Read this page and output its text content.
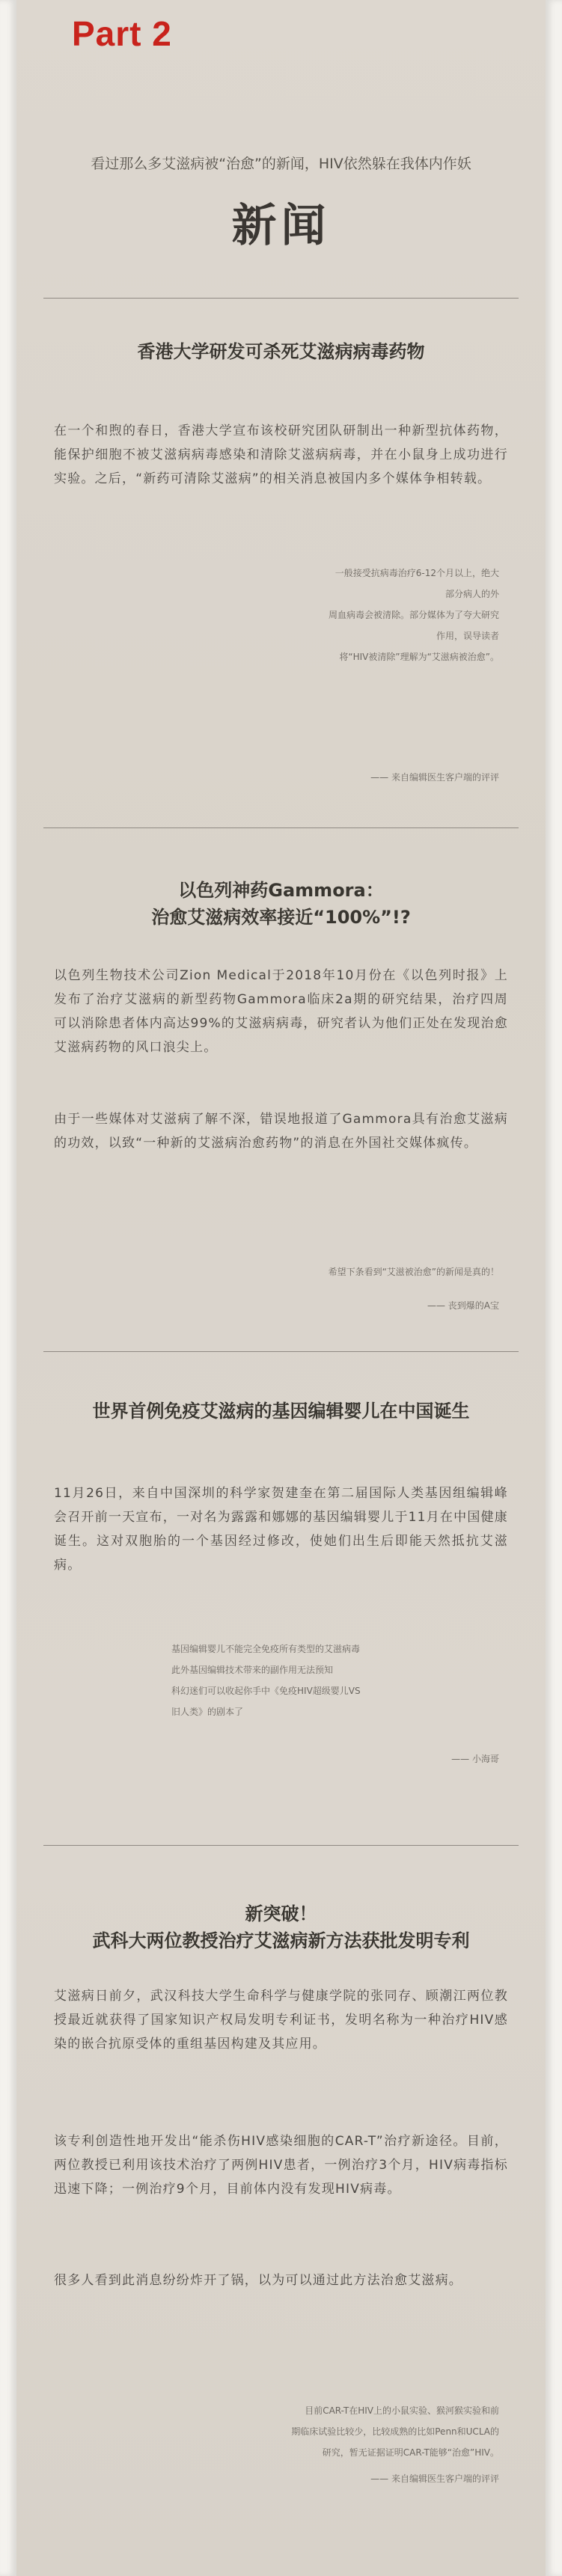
Part 2
看过那么多艾滋病被“治愈”的新闻，HIV依然躲在我体内作妖
新闻
香港大学研发可杀死艾滋病病毒药物
在一个和煦的春日，香港大学宣布该校研究团队研制出一种新型抗体药物，能保护细胞不被艾滋病病毒感染和清除艾滋病病毒，并在小鼠身上成功进行实验。之后，“新药可清除艾滋病”的相关消息被国内多个媒体争相转载。
一般接受抗病毒治疗6-12个月以上，绝大
部分病人的外
周血病毒会被清除。部分媒体为了夸大研究
作用，误导读者
将“HIV被清除”理解为“艾滋病被治愈”。
—— 来自编辑医生客户端的评评
以色列神药Gammora：
治愈艾滋病效率接近“100%”!?
以色列生物技术公司Zion Medical于2018年10月份在《以色列时报》上发布了治疗艾滋病的新型药物Gammora临床2a期的研究结果，治疗四周可以消除患者体内高达99%的艾滋病病毒，研究者认为他们正处在发现治愈艾滋病药物的风口浪尖上。
由于一些媒体对艾滋病了解不深，错误地报道了Gammora具有治愈艾滋病的功效，以致“一种新的艾滋病治愈药物”的消息在外国社交媒体疯传。
希望下条看到“艾滋被治愈”的新闻是真的！
—— 丧到爆的A宝
世界首例免疫艾滋病的基因编辑婴儿在中国诞生
11月26日，来自中国深圳的科学家贺建奎在第二届国际人类基因组编辑峰会召开前一天宣布，一对名为露露和娜娜的基因编辑婴儿于11月在中国健康诞生。这对双胞胎的一个基因经过修改，使她们出生后即能天然抵抗艾滋病。
基因编辑婴儿不能完全免疫所有类型的艾滋病毒
此外基因编辑技术带来的副作用无法预知
科幻迷们可以收起你手中《免疫HIV超级婴儿VS
旧人类》的剧本了
—— 小海哥
新突破！
武科大两位教授治疗艾滋病新方法获批发明专利
艾滋病日前夕，武汉科技大学生命科学与健康学院的张同存、顾潮江两位教授最近就获得了国家知识产权局发明专利证书，发明名称为一种治疗HIV感染的嵌合抗原受体的重组基因构建及其应用。
该专利创造性地开发出“能杀伤HIV感染细胞的CAR-T”治疗新途径。目前，两位教授已利用该技术治疗了两例HIV患者，一例治疗3个月，HIV病毒指标迅速下降；一例治疗9个月，目前体内没有发现HIV病毒。
很多人看到此消息纷纷炸开了锅，以为可以通过此方法治愈艾滋病。
目前CAR-T在HIV上的小鼠实验、猴河猴实验和前
期临床试验比较少，比较成熟的比如Penn和UCLA的
研究，暂无证据证明CAR-T能够“治愈”HIV。
—— 来自编辑医生客户端的评评
